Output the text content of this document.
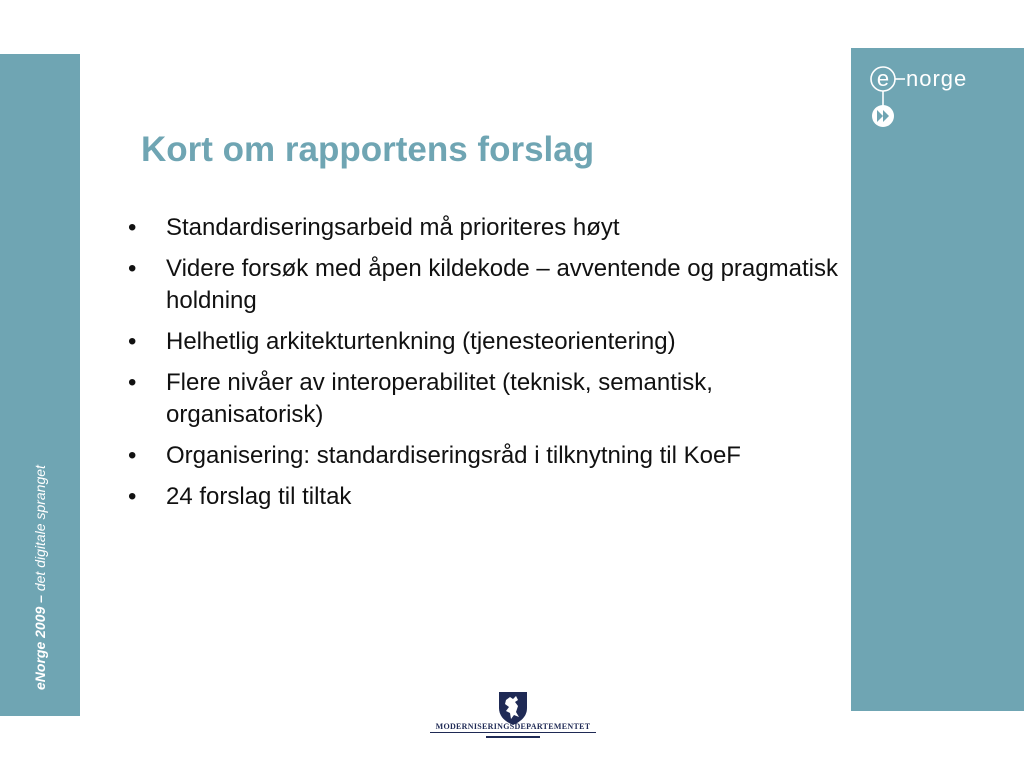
eNorge 2009 – det digitale spranget
e norge
Kort om rapportens forslag
•
Standardiseringsarbeid må prioriteres høyt
•
Videre forsøk med åpen kildekode – avventende og pragmatisk holdning
•
Helhetlig arkitekturtenkning (tjenesteorientering)
•
Flere nivåer av interoperabilitet (teknisk, semantisk, organisatorisk)
•
Organisering: standardiseringsråd i tilknytning til KoeF
•
24 forslag til tiltak
MODERNISERINGSDEPARTEMENTET
